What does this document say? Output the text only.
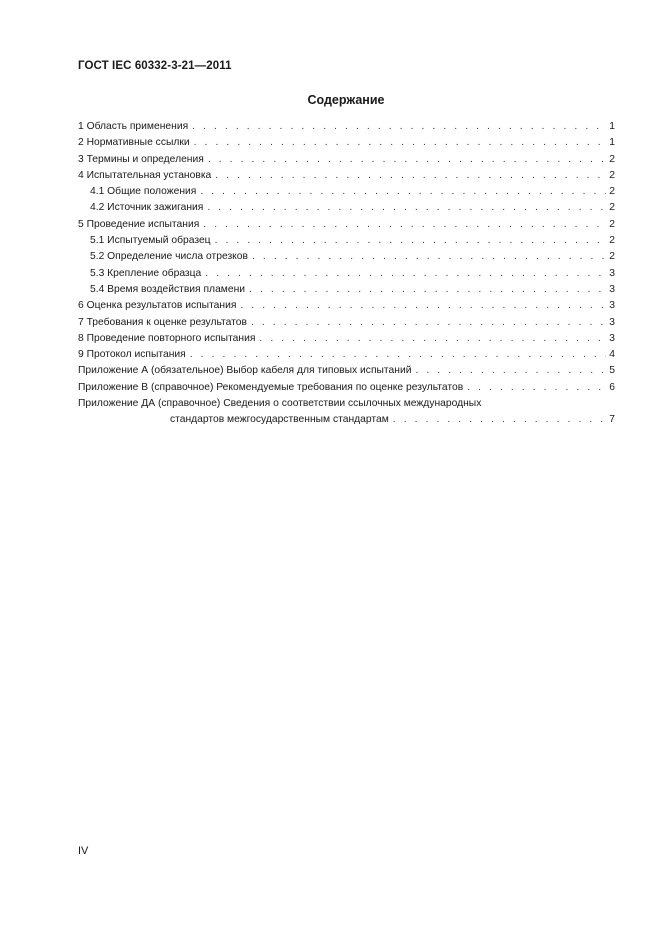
ГОСТ IEC 60332-3-21—2011
Содержание
1 Область применения . . .	1
2 Нормативные ссылки . . .	1
3 Термины и определения . . .	2
4 Испытательная установка . . .	2
4.1 Общие положения . . .	2
4.2 Источник зажигания . . .	2
5 Проведение испытания . . .	2
5.1 Испытуемый образец . . .	2
5.2 Определение числа отрезков . . .	2
5.3 Крепление образца . . .	3
5.4 Время воздействия пламени . . .	3
6 Оценка результатов испытания . . .	3
7 Требования к оценке результатов . . .	3
8 Проведение повторного испытания . . .	3
9 Протокол испытания . . .	4
Приложение А (обязательное) Выбор кабеля для типовых испытаний . . .	5
Приложение В (справочное) Рекомендуемые требования по оценке результатов . . .	6
Приложение ДА (справочное) Сведения о соответствии ссылочных международных
стандартов межгосударственным стандартам . . .	7
IV
